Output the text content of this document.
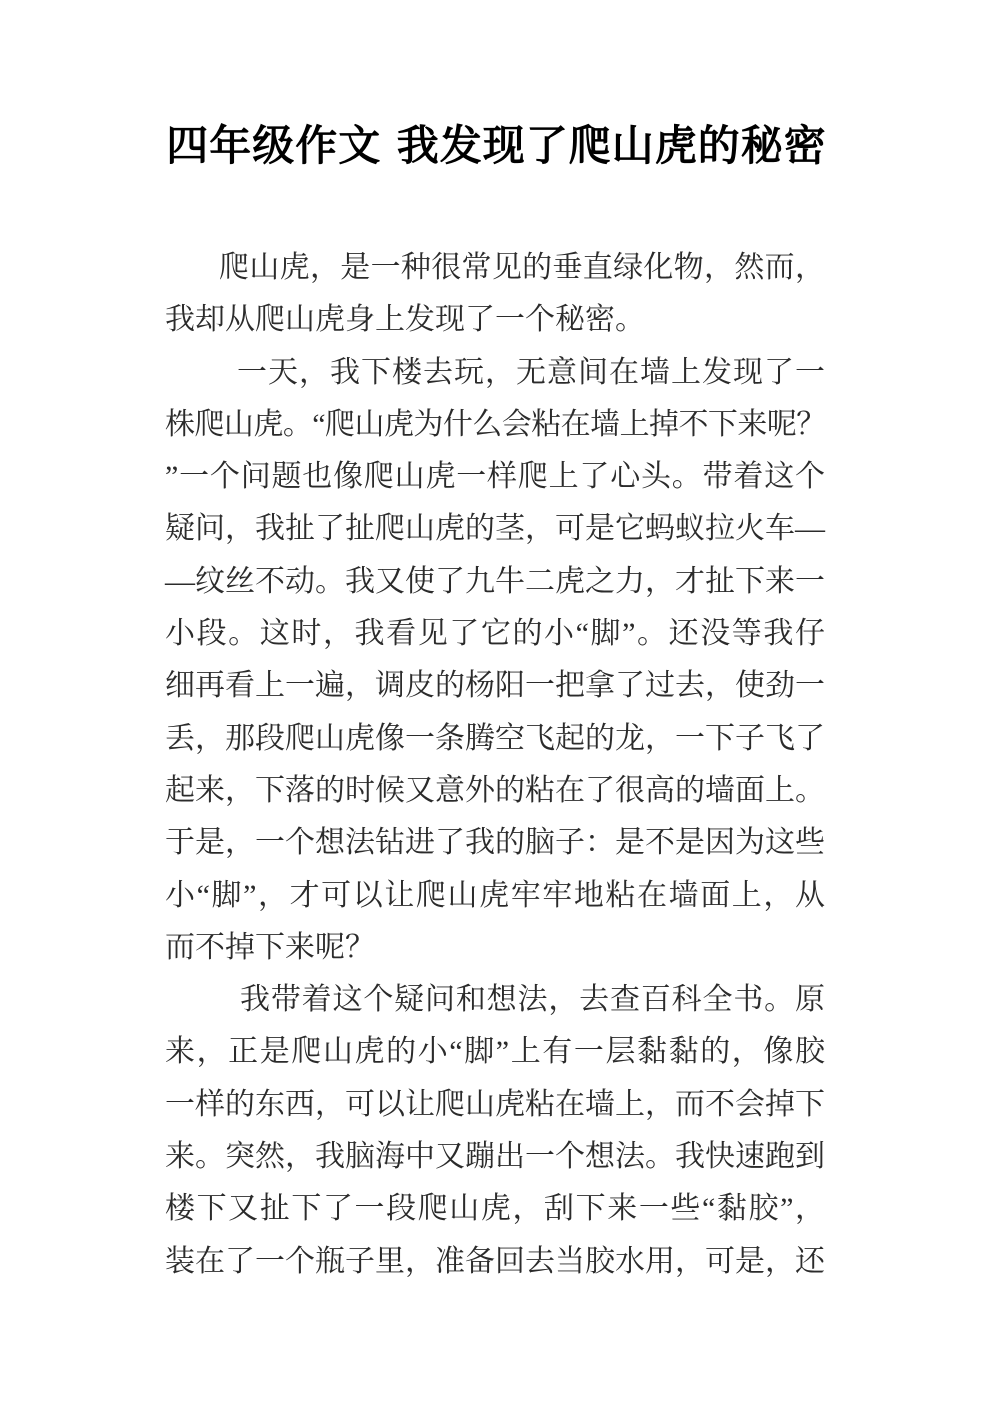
四年级作文 我发现了爬山虎的秘密
爬山虎，是一种很常见的垂直绿化物，然而，
我却从爬山虎身上发现了一个秘密。
一天，我下楼去玩，无意间在墙上发现了一
株爬山虎。“爬山虎为什么会粘在墙上掉不下来呢？
”一个问题也像爬山虎一样爬上了心头。带着这个
疑问，我扯了扯爬山虎的茎，可是它蚂蚁拉火车—
—纹丝不动。我又使了九牛二虎之力，才扯下来一
小段。这时，我看见了它的小“脚”。还没等我仔
细再看上一遍，调皮的杨阳一把拿了过去，使劲一
丢，那段爬山虎像一条腾空飞起的龙，一下子飞了
起来，下落的时候又意外的粘在了很高的墙面上。
于是，一个想法钻进了我的脑子：是不是因为这些
小“脚”，才可以让爬山虎牢牢地粘在墙面上，从
而不掉下来呢？
我带着这个疑问和想法，去查百科全书。原
来，正是爬山虎的小“脚”上有一层黏黏的，像胶
一样的东西，可以让爬山虎粘在墙上，而不会掉下
来。突然，我脑海中又蹦出一个想法。我快速跑到
楼下又扯下了一段爬山虎，刮下来一些“黏胶”，
装在了一个瓶子里，准备回去当胶水用，可是，还
